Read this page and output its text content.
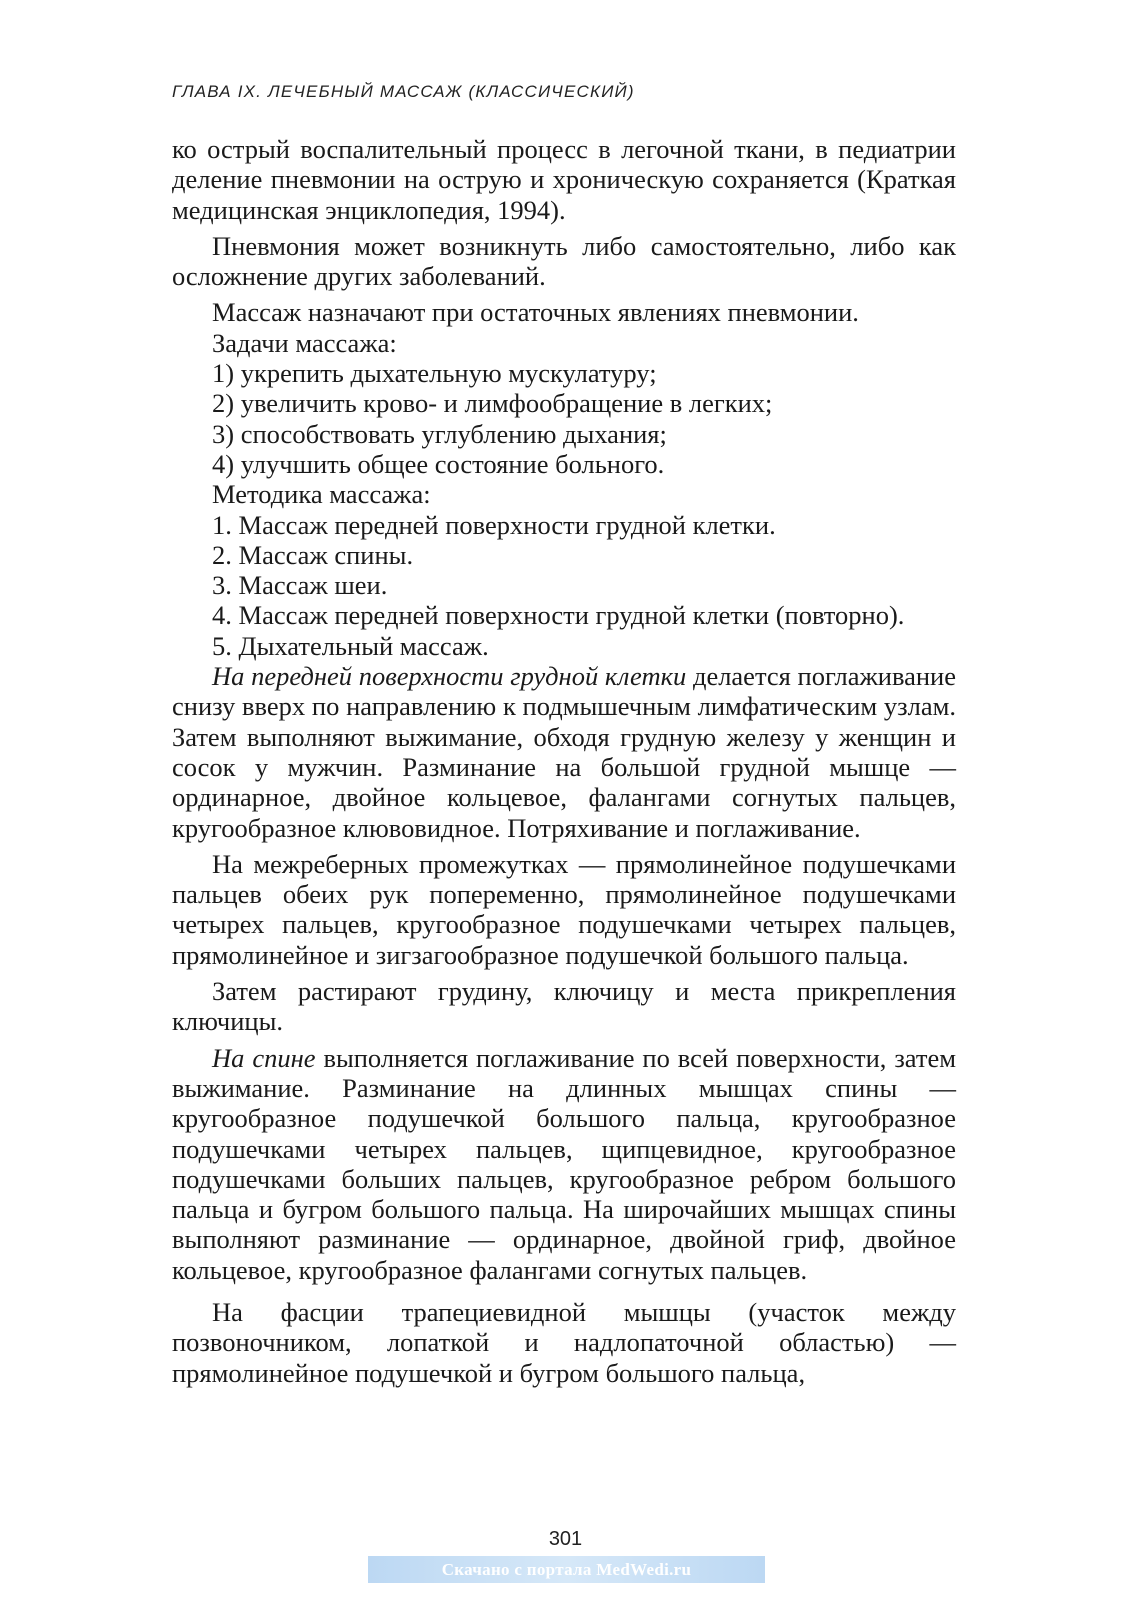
ГЛАВА IX. ЛЕЧЕБНЫЙ МАССАЖ (КЛАССИЧЕСКИЙ)

ко острый воспалительный процесс в легочной ткани, в педиатрии деление пневмонии на острую и хроническую сохраняется (Краткая медицинская энциклопедия, 1994).

Пневмония может возникнуть либо самостоятельно, либо как осложнение других заболеваний.

Массаж назначают при остаточных явлениях пневмонии.

Задачи массажа:

1) укрепить дыхательную мускулатуру;

2) увеличить крово- и лимфообращение в легких;

3) способствовать углублению дыхания;

4) улучшить общее состояние больного.

Методика массажа:

1. Массаж передней поверхности грудной клетки.

2. Массаж спины.

3. Массаж шеи.

4. Массаж передней поверхности грудной клетки (повторно).

5. Дыхательный массаж.

На передней поверхности грудной клетки делается поглаживание снизу вверх по направлению к подмышечным лимфатическим узлам. Затем выполняют выжимание, обходя грудную железу у женщин и сосок у мужчин. Разминание на большой грудной мышце — ординарное, двойное кольцевое, фалангами согнутых пальцев, кругообразное клювовидное. Потряхивание и поглаживание.

На межреберных промежутках — прямолинейное подушечками пальцев обеих рук попеременно, прямолинейное подушечками четырех пальцев, кругообразное подушечками четырех пальцев, прямолинейное и зигзагообразное подушечкой большого пальца.

Затем растирают грудину, ключицу и места прикрепления ключицы.

На спине выполняется поглаживание по всей поверхности, затем выжимание. Разминание на длинных мышцах спины — кругообразное подушечкой большого пальца, кругообразное подушечками четырех пальцев, щипцевидное, кругообразное подушечками больших пальцев, кругообразное ребром большого пальца и бугром большого пальца. На широчайших мышцах спины выполняют разминание — ординарное, двойной гриф, двойное кольцевое, кругообразное фалангами согнутых пальцев.

На фасции трапециевидной мышцы (участок между позвоночником, лопаткой и надлопаточной областью) — прямолинейное подушечкой и бугром большого пальца,

301
Скачано с портала MedWedi.ru
